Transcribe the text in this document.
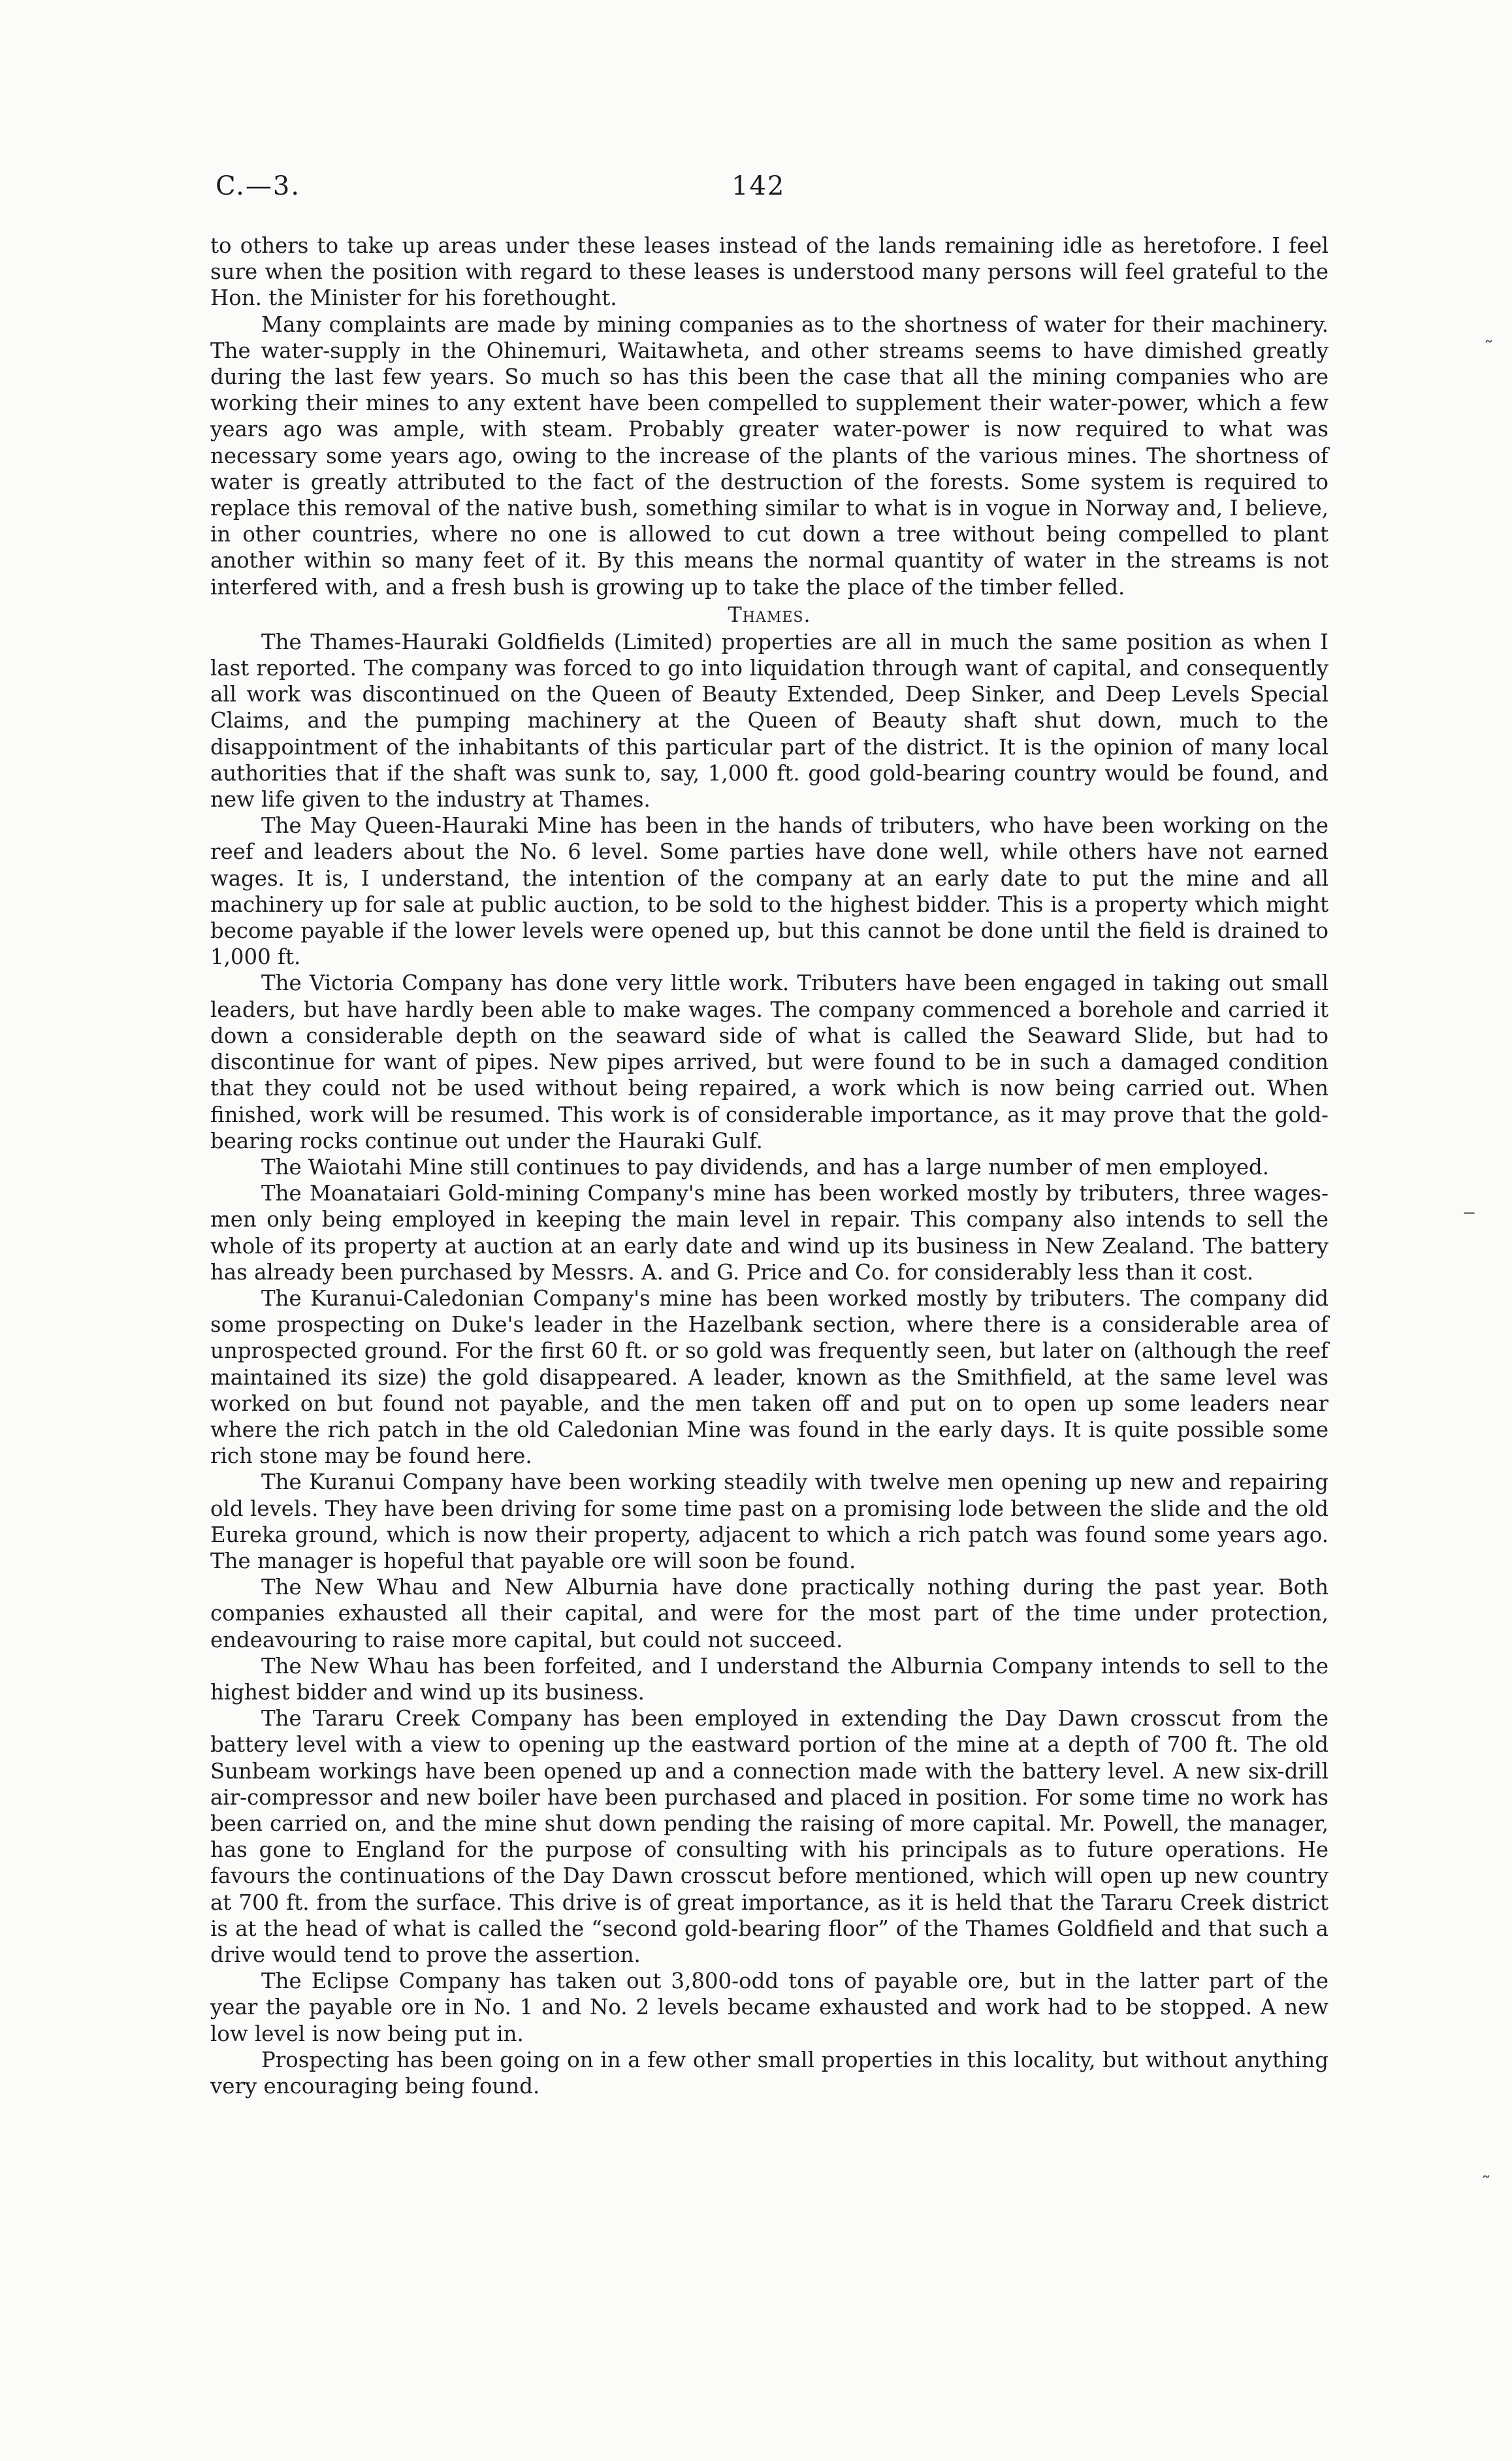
C.—3.	142

to others to take up areas under these leases instead of the lands remaining idle as heretofore. I feel sure when the position with regard to these leases is understood many persons will feel grateful to the Hon. the Minister for his forethought.

Many complaints are made by mining companies as to the shortness of water for their machinery. The water-supply in the Ohinemuri, Waitawheta, and other streams seems to have dimished greatly during the last few years. So much so has this been the case that all the mining companies who are working their mines to any extent have been compelled to supplement their water-power, which a few years ago was ample, with steam. Probably greater water-power is now required to what was necessary some years ago, owing to the increase of the plants of the various mines. The shortness of water is greatly attributed to the fact of the destruction of the forests. Some system is required to replace this removal of the native bush, something similar to what is in vogue in Norway and, I believe, in other countries, where no one is allowed to cut down a tree without being compelled to plant another within so many feet of it. By this means the normal quantity of water in the streams is not interfered with, and a fresh bush is growing up to take the place of the timber felled.

Thames.

The Thames-Hauraki Goldfields (Limited) properties are all in much the same position as when I last reported. The company was forced to go into liquidation through want of capital, and consequently all work was discontinued on the Queen of Beauty Extended, Deep Sinker, and Deep Levels Special Claims, and the pumping machinery at the Queen of Beauty shaft shut down, much to the disappointment of the inhabitants of this particular part of the district. It is the opinion of many local authorities that if the shaft was sunk to, say, 1,000 ft. good gold-bearing country would be found, and new life given to the industry at Thames.

The May Queen-Hauraki Mine has been in the hands of tributers, who have been working on the reef and leaders about the No. 6 level. Some parties have done well, while others have not earned wages. It is, I understand, the intention of the company at an early date to put the mine and all machinery up for sale at public auction, to be sold to the highest bidder. This is a property which might become payable if the lower levels were opened up, but this cannot be done until the field is drained to 1,000 ft.

The Victoria Company has done very little work. Tributers have been engaged in taking out small leaders, but have hardly been able to make wages. The company commenced a borehole and carried it down a considerable depth on the seaward side of what is called the Seaward Slide, but had to discontinue for want of pipes. New pipes arrived, but were found to be in such a damaged condition that they could not be used without being repaired, a work which is now being carried out. When finished, work will be resumed. This work is of considerable importance, as it may prove that the gold-bearing rocks continue out under the Hauraki Gulf.

The Waiotahi Mine still continues to pay dividends, and has a large number of men employed.

The Moanataiari Gold-mining Company's mine has been worked mostly by tributers, three wages-men only being employed in keeping the main level in repair. This company also intends to sell the whole of its property at auction at an early date and wind up its business in New Zealand. The battery has already been purchased by Messrs. A. and G. Price and Co. for considerably less than it cost.

The Kuranui-Caledonian Company's mine has been worked mostly by tributers. The company did some prospecting on Duke's leader in the Hazelbank section, where there is a considerable area of unprospected ground. For the first 60 ft. or so gold was frequently seen, but later on (although the reef maintained its size) the gold disappeared. A leader, known as the Smithfield, at the same level was worked on but found not payable, and the men taken off and put on to open up some leaders near where the rich patch in the old Caledonian Mine was found in the early days. It is quite possible some rich stone may be found here.

The Kuranui Company have been working steadily with twelve men opening up new and repairing old levels. They have been driving for some time past on a promising lode between the slide and the old Eureka ground, which is now their property, adjacent to which a rich patch was found some years ago. The manager is hopeful that payable ore will soon be found.

The New Whau and New Alburnia have done practically nothing during the past year. Both companies exhausted all their capital, and were for the most part of the time under protection, endeavouring to raise more capital, but could not succeed.

The New Whau has been forfeited, and I understand the Alburnia Company intends to sell to the highest bidder and wind up its business.

The Tararu Creek Company has been employed in extending the Day Dawn crosscut from the battery level with a view to opening up the eastward portion of the mine at a depth of 700 ft. The old Sunbeam workings have been opened up and a connection made with the battery level. A new six-drill air-compressor and new boiler have been purchased and placed in position. For some time no work has been carried on, and the mine shut down pending the raising of more capital. Mr. Powell, the manager, has gone to England for the purpose of consulting with his principals as to future operations. He favours the continuations of the Day Dawn crosscut before mentioned, which will open up new country at 700 ft. from the surface. This drive is of great importance, as it is held that the Tararu Creek district is at the head of what is called the “second gold-bearing floor” of the Thames Goldfield and that such a drive would tend to prove the assertion.

The Eclipse Company has taken out 3,800-odd tons of payable ore, but in the latter part of the year the payable ore in No. 1 and No. 2 levels became exhausted and work had to be stopped. A new low level is now being put in.

Prospecting has been going on in a few other small properties in this locality, but without anything very encouraging being found.

˜
‒
˜
